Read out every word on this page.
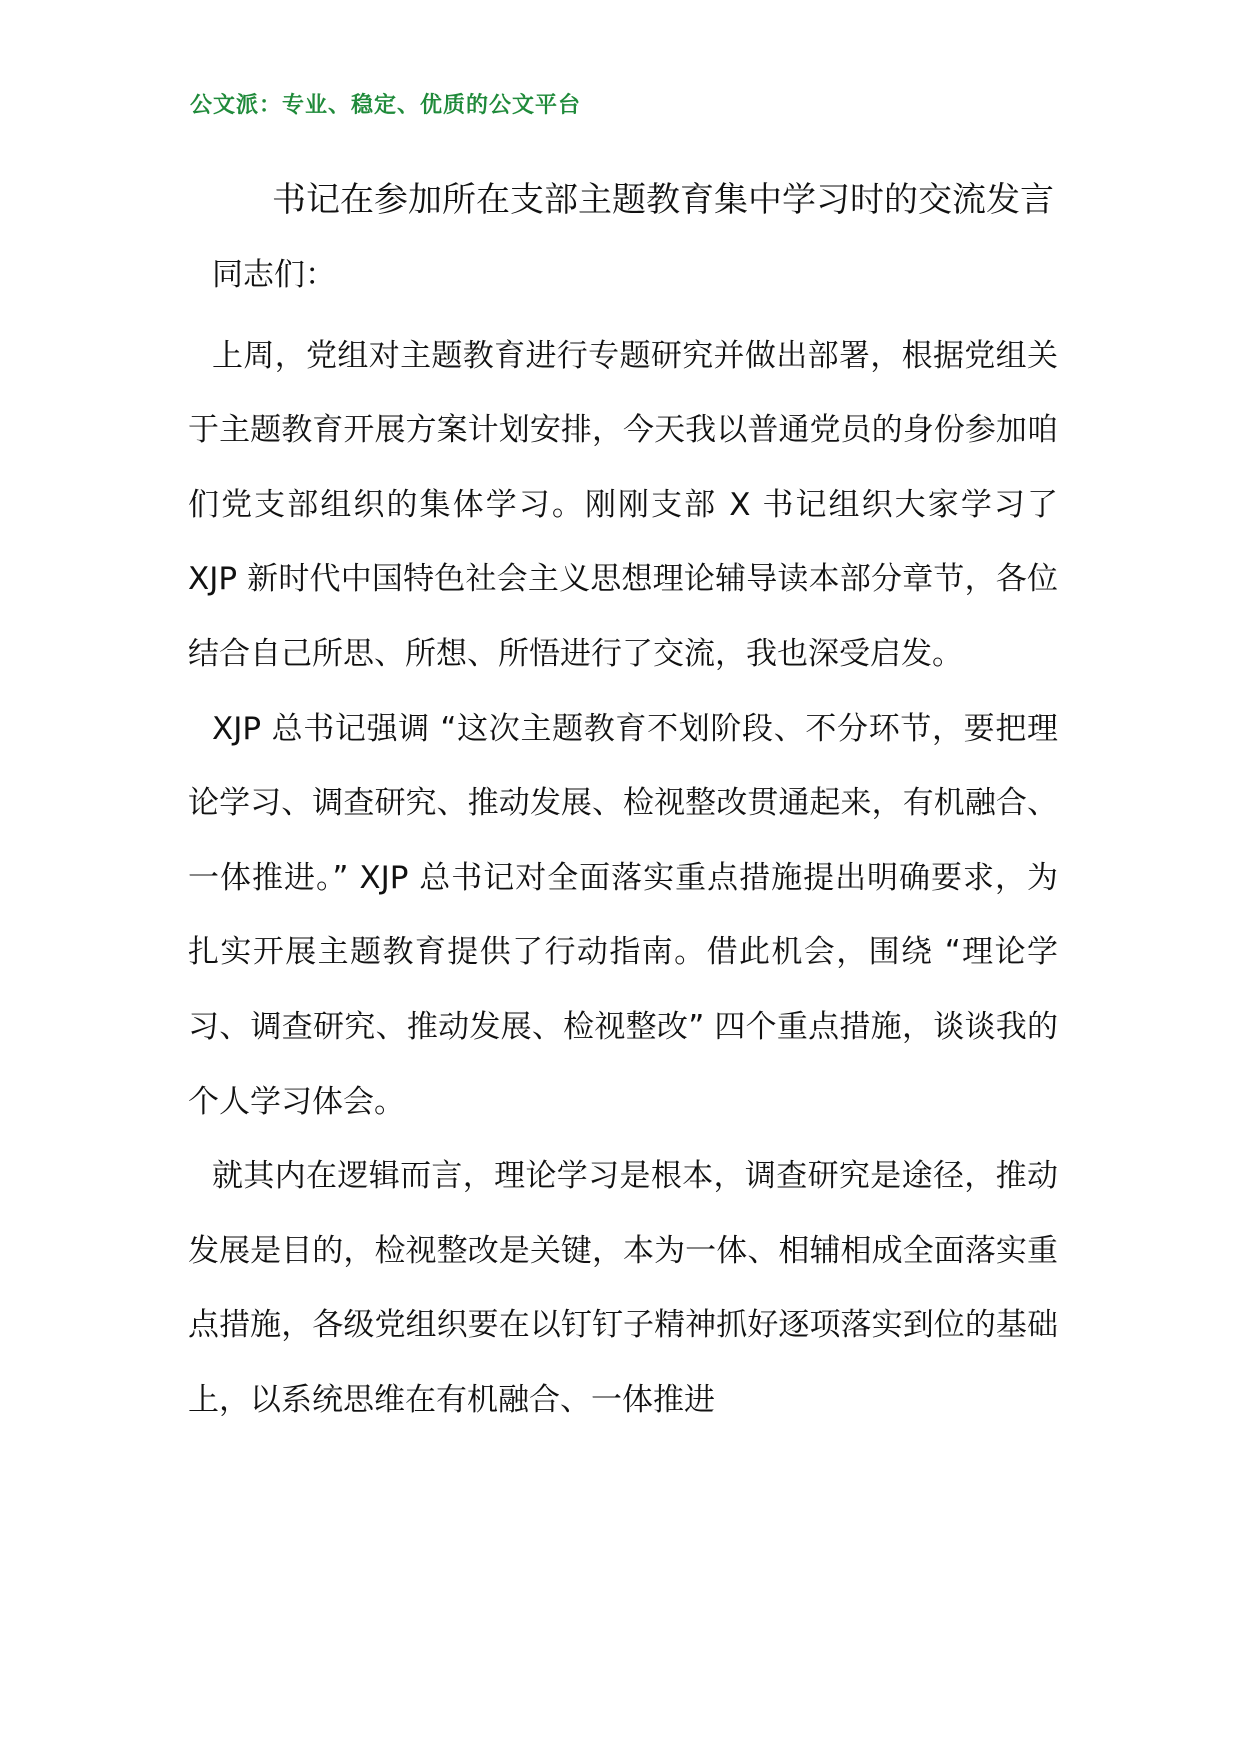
公文派：专业、稳定、优质的公文平台
书记在参加所在支部主题教育集中学习时的交流发言

同志们：

上周，党组对主题教育进行专题研究并做出部署，根据党组关于主题教育开展方案计划安排，今天我以普通党员的身份参加咱们党支部组织的集体学习。刚刚支部 X 书记组织大家学习了 XJP 新时代中国特色社会主义思想理论辅导读本部分章节，各位结合自己所思、所想、所悟进行了交流，我也深受启发。

XJP 总书记强调 “这次主题教育不划阶段、不分环节，要把理论学习、调查研究、推动发展、检视整改贯通起来，有机融合、一体推进。” XJP 总书记对全面落实重点措施提出明确要求，为扎实开展主题教育提供了行动指南。借此机会，围绕 “理论学习、调查研究、推动发展、检视整改” 四个重点措施，谈谈我的个人学习体会。

就其内在逻辑而言，理论学习是根本，调查研究是途径，推动发展是目的，检视整改是关键，本为一体、相辅相成全面落实重点措施，各级党组织要在以钉钉子精神抓好逐项落实到位的基础上，以系统思维在有机融合、一体推进
